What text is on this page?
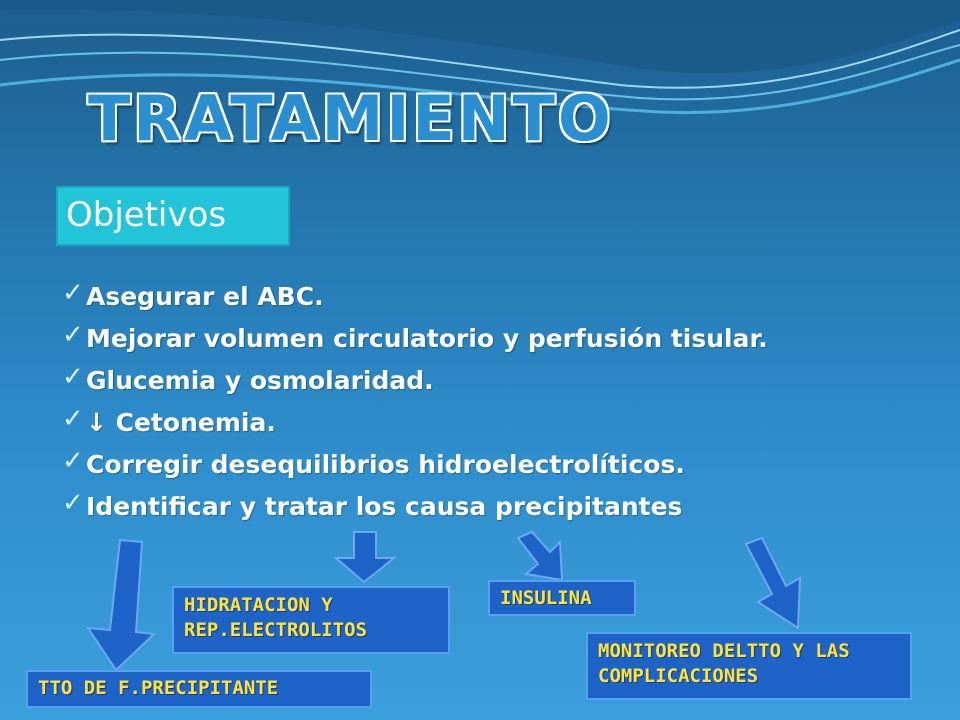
TRATAMIENTO
Objetivos
✓ Asegurar el ABC.
✓ Mejorar volumen circulatorio y perfusión tisular.
✓ Glucemia y osmolaridad.
✓ ↓ Cetonemia.
✓ Corregir desequilibrios hidroelectrolíticos.
✓ Identificar y tratar los causa precipitantes
HIDRATACION Y REP.ELECTROLITOS
INSULINA
MONITOREO DELTTO Y LAS COMPLICACIONES
TTO DE F.PRECIPITANTE
